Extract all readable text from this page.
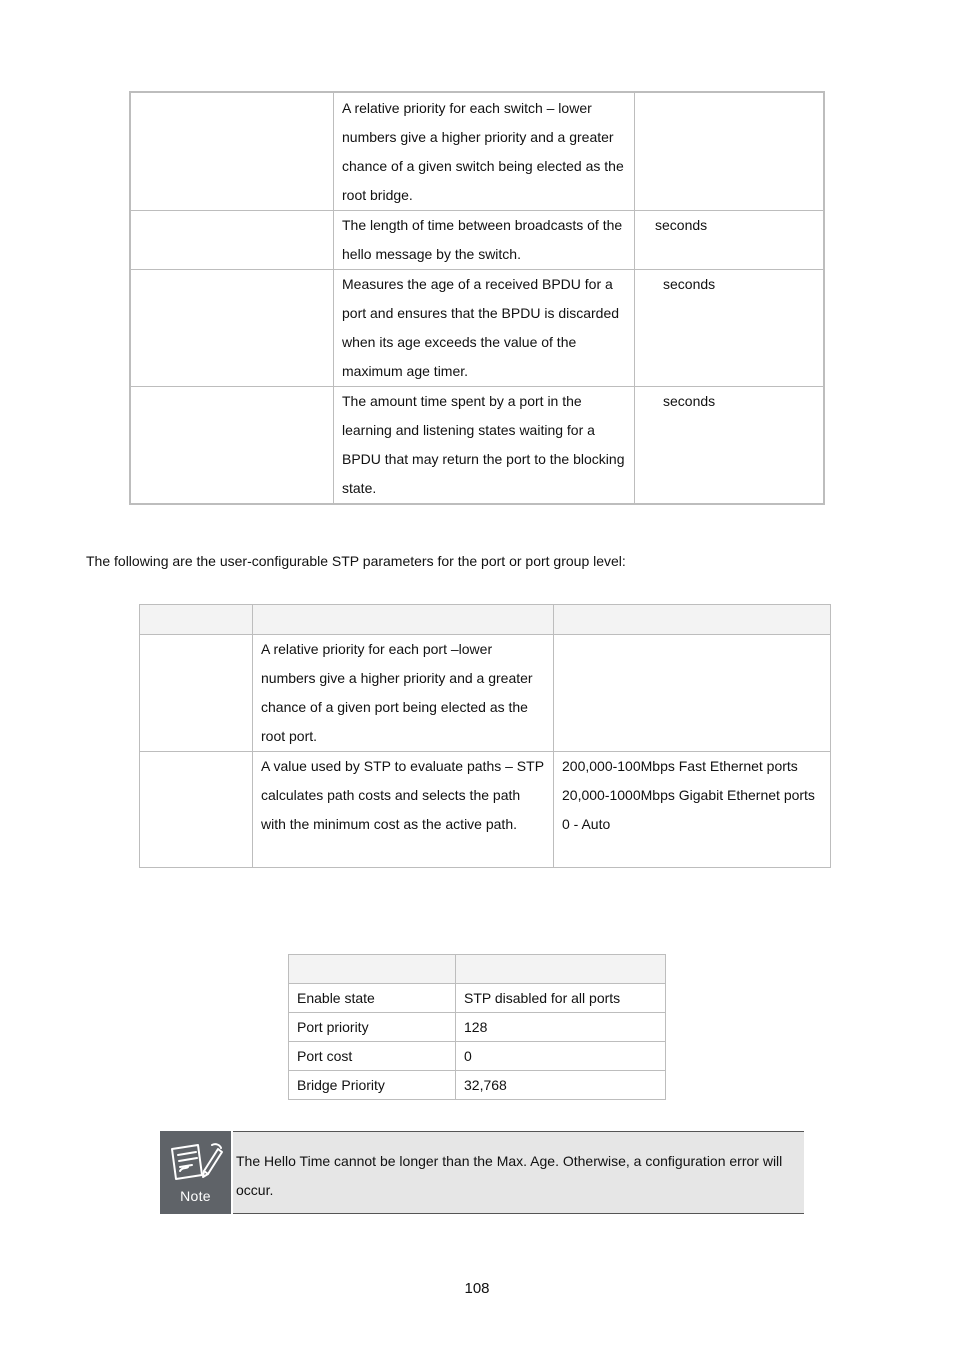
	A relative priority for each switch – lower numbers give a higher priority and a greater chance of a given switch being elected as the root bridge.	

	The length of time between broadcasts of the hello message by the switch.	seconds
	Measures the age of a received BPDU for a port and ensures that the BPDU is discarded when its age exceeds the value of the maximum age timer.	seconds
	The amount time spent by a port in the learning and listening states waiting for a BPDU that may return the port to the blocking state.	seconds

The following are the user-configurable STP parameters for the port or port group level:

	A relative priority for each port –lower numbers give a higher priority and a greater chance of a given port being elected as the root port.	
	A value used by STP to evaluate paths – STP calculates path costs and selects the path with the minimum cost as the active path.	200,000-100Mbps Fast Ethernet ports
20,000-1000Mbps Gigabit Ethernet ports
0 - Auto

Enable state	STP disabled for all ports
Port priority	128
Port cost	0
Bridge Priority	32,768
Note

The Hello Time cannot be longer than the Max. Age. Otherwise, a configuration error will occur.

108
